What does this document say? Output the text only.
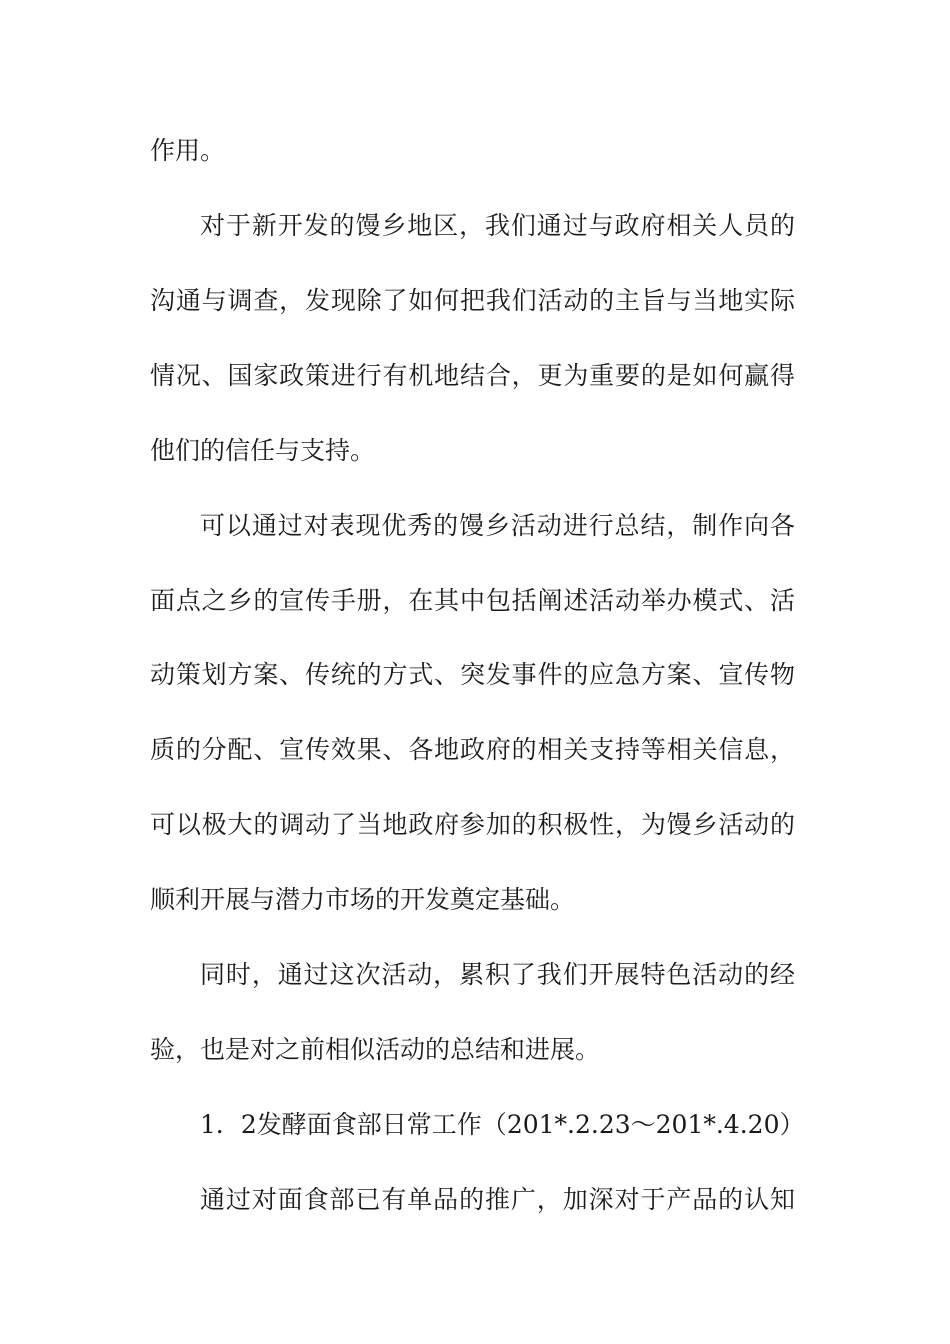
作用。
对于新开发的馒乡地区，我们通过与政府相关人员的
沟通与调查，发现除了如何把我们活动的主旨与当地实际
情况、国家政策进行有机地结合，更为重要的是如何赢得
他们的信任与支持。
可以通过对表现优秀的馒乡活动进行总结，制作向各
面点之乡的宣传手册，在其中包括阐述活动举办模式、活
动策划方案、传统的方式、突发事件的应急方案、宣传物
质的分配、宣传效果、各地政府的相关支持等相关信息，
可以极大的调动了当地政府参加的积极性，为馒乡活动的
顺利开展与潜力市场的开发奠定基础。
同时，通过这次活动，累积了我们开展特色活动的经
验，也是对之前相似活动的总结和进展。
1．2发酵面食部日常工作（201*.2.23～201*.4.20）
通过对面食部已有单品的推广，加深对于产品的认知
